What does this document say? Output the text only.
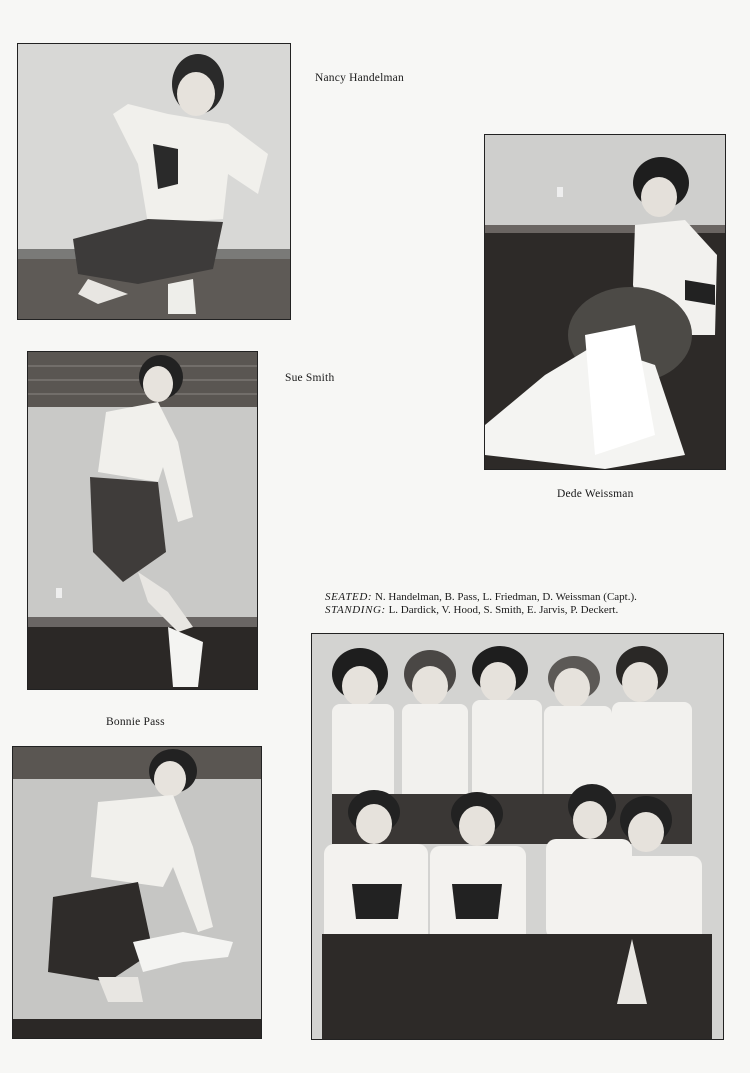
Nancy Handelman
Dede Weissman
Sue Smith
Bonnie Pass
SEATED: N. Handelman, B. Pass, L. Friedman, D. Weissman (Capt.).
STANDING: L. Dardick, V. Hood, S. Smith, E. Jarvis, P. Deckert.
